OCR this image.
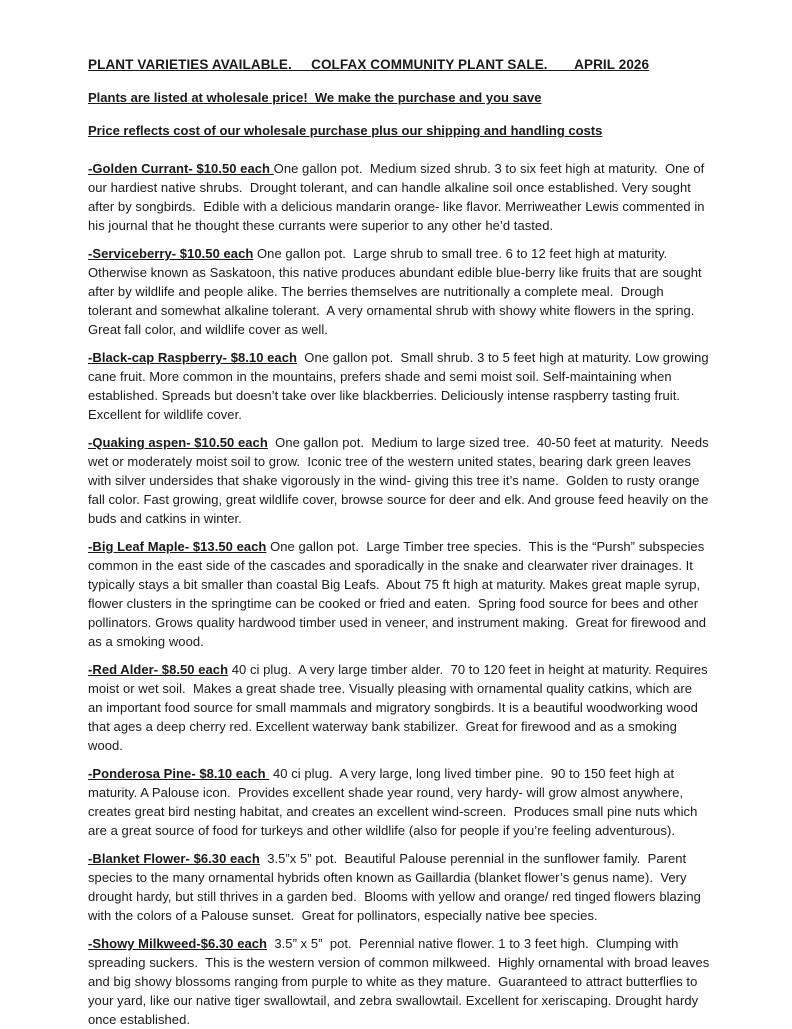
PLANT VARIETIES AVAILABLE.     COLFAX COMMUNITY PLANT SALE.       APRIL 2026

Plants are listed at wholesale price!  We make the purchase and you save

Price reflects cost of our wholesale purchase plus our shipping and handling costs

-Golden Currant- $10.50 each One gallon pot.  Medium sized shrub. 3 to six feet high at maturity.  One of our hardiest native shrubs.  Drought tolerant, and can handle alkaline soil once established. Very sought after by songbirds.  Edible with a delicious mandarin orange- like flavor. Merriweather Lewis commented in his journal that he thought these currants were superior to any other he’d tasted.

-Serviceberry- $10.50 each One gallon pot.  Large shrub to small tree. 6 to 12 feet high at maturity. Otherwise known as Saskatoon, this native produces abundant edible blue-berry like fruits that are sought after by wildlife and people alike. The berries themselves are nutritionally a complete meal.  Drough tolerant and somewhat alkaline tolerant.  A very ornamental shrub with showy white flowers in the spring.  Great fall color, and wildlife cover as well.

-Black-cap Raspberry- $8.10 each  One gallon pot.  Small shrub. 3 to 5 feet high at maturity. Low growing cane fruit. More common in the mountains, prefers shade and semi moist soil. Self-maintaining when established. Spreads but doesn’t take over like blackberries. Deliciously intense raspberry tasting fruit. Excellent for wildlife cover.

-Quaking aspen- $10.50 each  One gallon pot.  Medium to large sized tree.  40-50 feet at maturity.  Needs wet or moderately moist soil to grow.  Iconic tree of the western united states, bearing dark green leaves with silver undersides that shake vigorously in the wind- giving this tree it’s name.  Golden to rusty orange fall color. Fast growing, great wildlife cover, browse source for deer and elk. And grouse feed heavily on the buds and catkins in winter.

-Big Leaf Maple- $13.50 each One gallon pot.  Large Timber tree species.  This is the “Pursh” subspecies common in the east side of the cascades and sporadically in the snake and clearwater river drainages. It typically stays a bit smaller than coastal Big Leafs.  About 75 ft high at maturity. Makes great maple syrup, flower clusters in the springtime can be cooked or fried and eaten.  Spring food source for bees and other pollinators. Grows quality hardwood timber used in veneer, and instrument making.  Great for firewood and as a smoking wood.

-Red Alder- $8.50 each 40 ci plug.  A very large timber alder.  70 to 120 feet in height at maturity. Requires moist or wet soil.  Makes a great shade tree. Visually pleasing with ornamental quality catkins, which are an important food source for small mammals and migratory songbirds. It is a beautiful woodworking wood that ages a deep cherry red. Excellent waterway bank stabilizer.  Great for firewood and as a smoking wood.

-Ponderosa Pine- $8.10 each  40 ci plug.  A very large, long lived timber pine.  90 to 150 feet high at maturity. A Palouse icon.  Provides excellent shade year round, very hardy- will grow almost anywhere, creates great bird nesting habitat, and creates an excellent wind-screen.  Produces small pine nuts which are a great source of food for turkeys and other wildlife (also for people if you’re feeling adventurous).

-Blanket Flower- $6.30 each  3.5”x 5” pot.  Beautiful Palouse perennial in the sunflower family.  Parent species to the many ornamental hybrids often known as Gaillardia (blanket flower’s genus name).  Very drought hardy, but still thrives in a garden bed.  Blooms with yellow and orange/ red tinged flowers blazing with the colors of a Palouse sunset.  Great for pollinators, especially native bee species.

-Showy Milkweed-$6.30 each  3.5” x 5”  pot.  Perennial native flower. 1 to 3 feet high.  Clumping with spreading suckers.  This is the western version of common milkweed.  Highly ornamental with broad leaves and big showy blossoms ranging from purple to white as they mature.  Guaranteed to attract butterflies to your yard, like our native tiger swallowtail, and zebra swallowtail. Excellent for xeriscaping. Drought hardy once established.
